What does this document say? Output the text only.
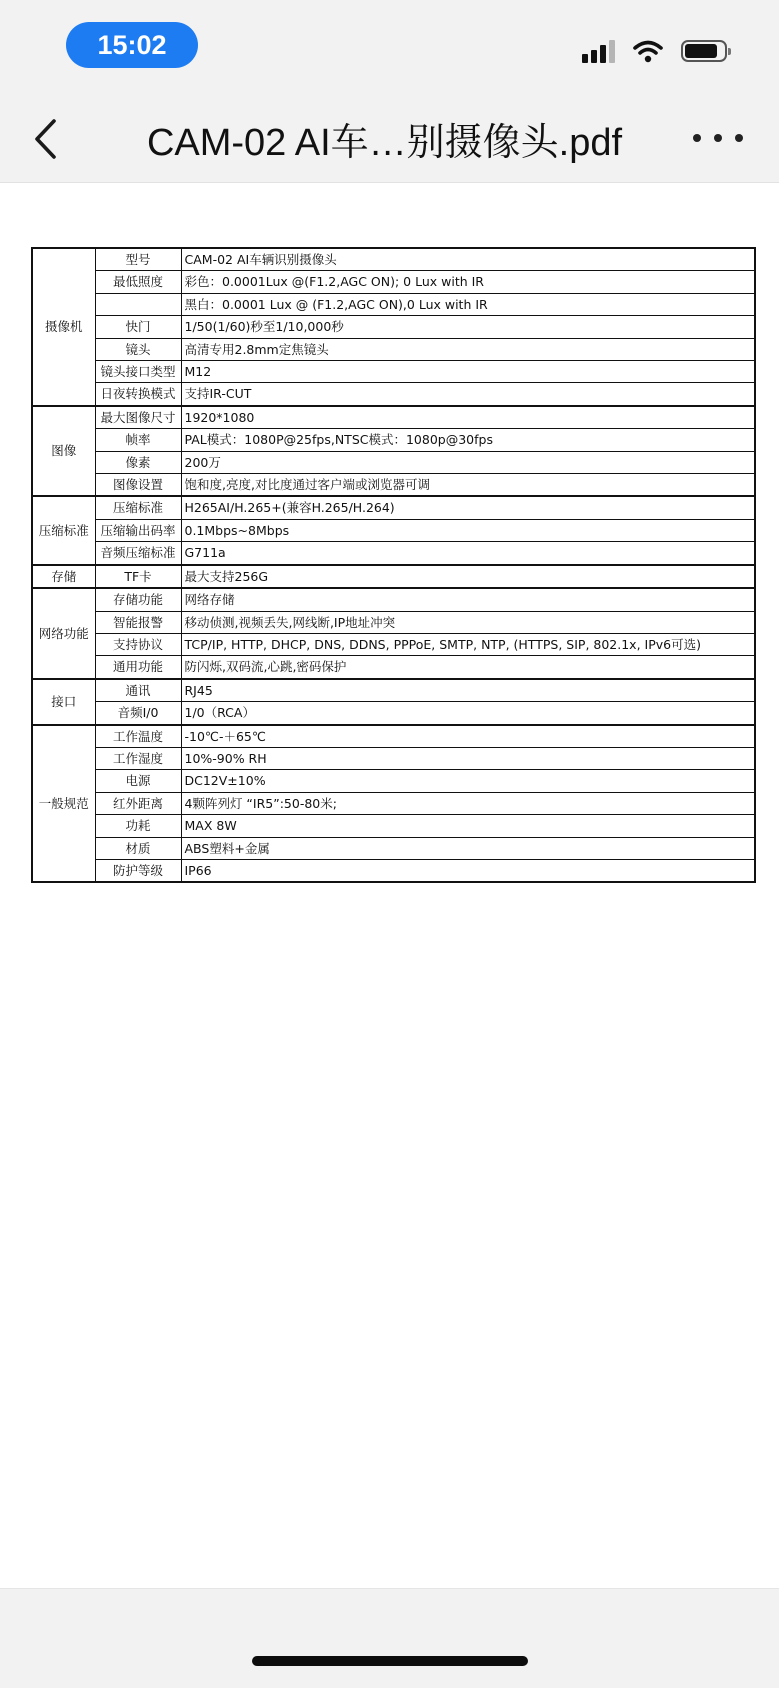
15:02
CAM-02 AI车…别摄像头.pdf
摄像机	型号	CAM-02 AI车辆识别摄像头
	最低照度	彩色：0.0001Lux @(F1.2,AGC ON); 0 Lux with IR
		黑白：0.0001 Lux @ (F1.2,AGC ON),0 Lux with IR
	快门	1/50(1/60)秒至1/10,000秒
	镜头	高清专用2.8mm定焦镜头
	镜头接口类型	M12
	日夜转换模式	支持IR-CUT
图像	最大图像尺寸	1920*1080
	帧率	PAL模式：1080P@25fps,NTSC模式：1080p@30fps
	像素	200万
	图像设置	饱和度,亮度,对比度通过客户端或浏览器可调
压缩标准	压缩标准	H265AI/H.265+(兼容H.265/H.264)
	压缩输出码率	0.1Mbps~8Mbps
	音频压缩标准	G711a
存储	TF卡	最大支持256G
网络功能	存储功能	网络存储
	智能报警	移动侦测,视频丢失,网线断,IP地址冲突
	支持协议	TCP/IP, HTTP, DHCP, DNS, DDNS, PPPoE, SMTP, NTP, (HTTPS, SIP, 802.1x, IPv6可选)
	通用功能	防闪烁,双码流,心跳,密码保护
接口	通讯	RJ45
	音频I/0	1/0（RCA）
一般规范	工作温度	-10℃-＋65℃
	工作湿度	10%-90% RH
	电源	DC12V±10%
	红外距离	4颗阵列灯 “IR5”:50-80米;
	功耗	MAX 8W
	材质	ABS塑料+金属
	防护等级	IP66
